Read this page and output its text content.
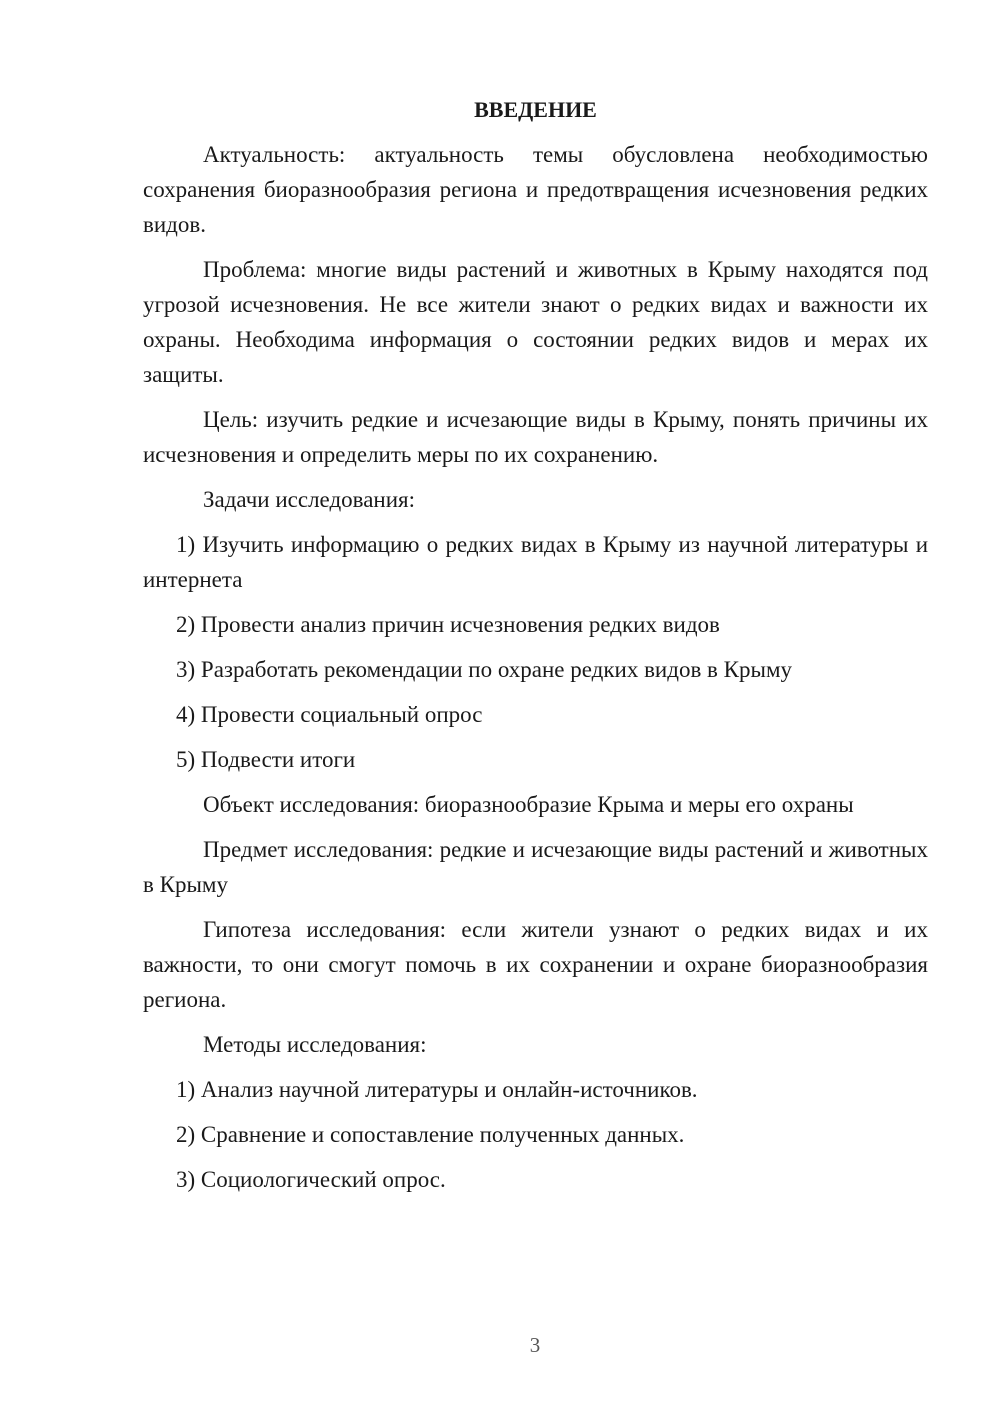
ВВЕДЕНИЕ

Актуальность: актуальность темы обусловлена необходимостью сохранения биоразнообразия региона и предотвращения исчезновения редких видов.

Проблема: многие виды растений и животных в Крыму находятся под угрозой исчезновения. Не все жители знают о редких видах и важности их охраны. Необходима информация о состоянии редких видов и мерах их защиты.

Цель: изучить редкие и исчезающие виды в Крыму, понять причины их исчезновения и определить меры по их сохранению.

Задачи исследования:

1) Изучить информацию о редких видах в Крыму из научной литературы и интернета

2) Провести анализ причин исчезновения редких видов

3) Разработать рекомендации по охране редких видов в Крыму

4) Провести социальный опрос

5) Подвести итоги

Объект исследования: биоразнообразие Крыма и меры его охраны

Предмет исследования: редкие и исчезающие виды растений и животных в Крыму

Гипотеза исследования: если жители узнают о редких видах и их важности, то они смогут помочь в их сохранении и охране биоразнообразия региона.

Методы исследования:

1) Анализ научной литературы и онлайн-источников.

2) Сравнение и сопоставление полученных данных.

3) Социологический опрос.

3
